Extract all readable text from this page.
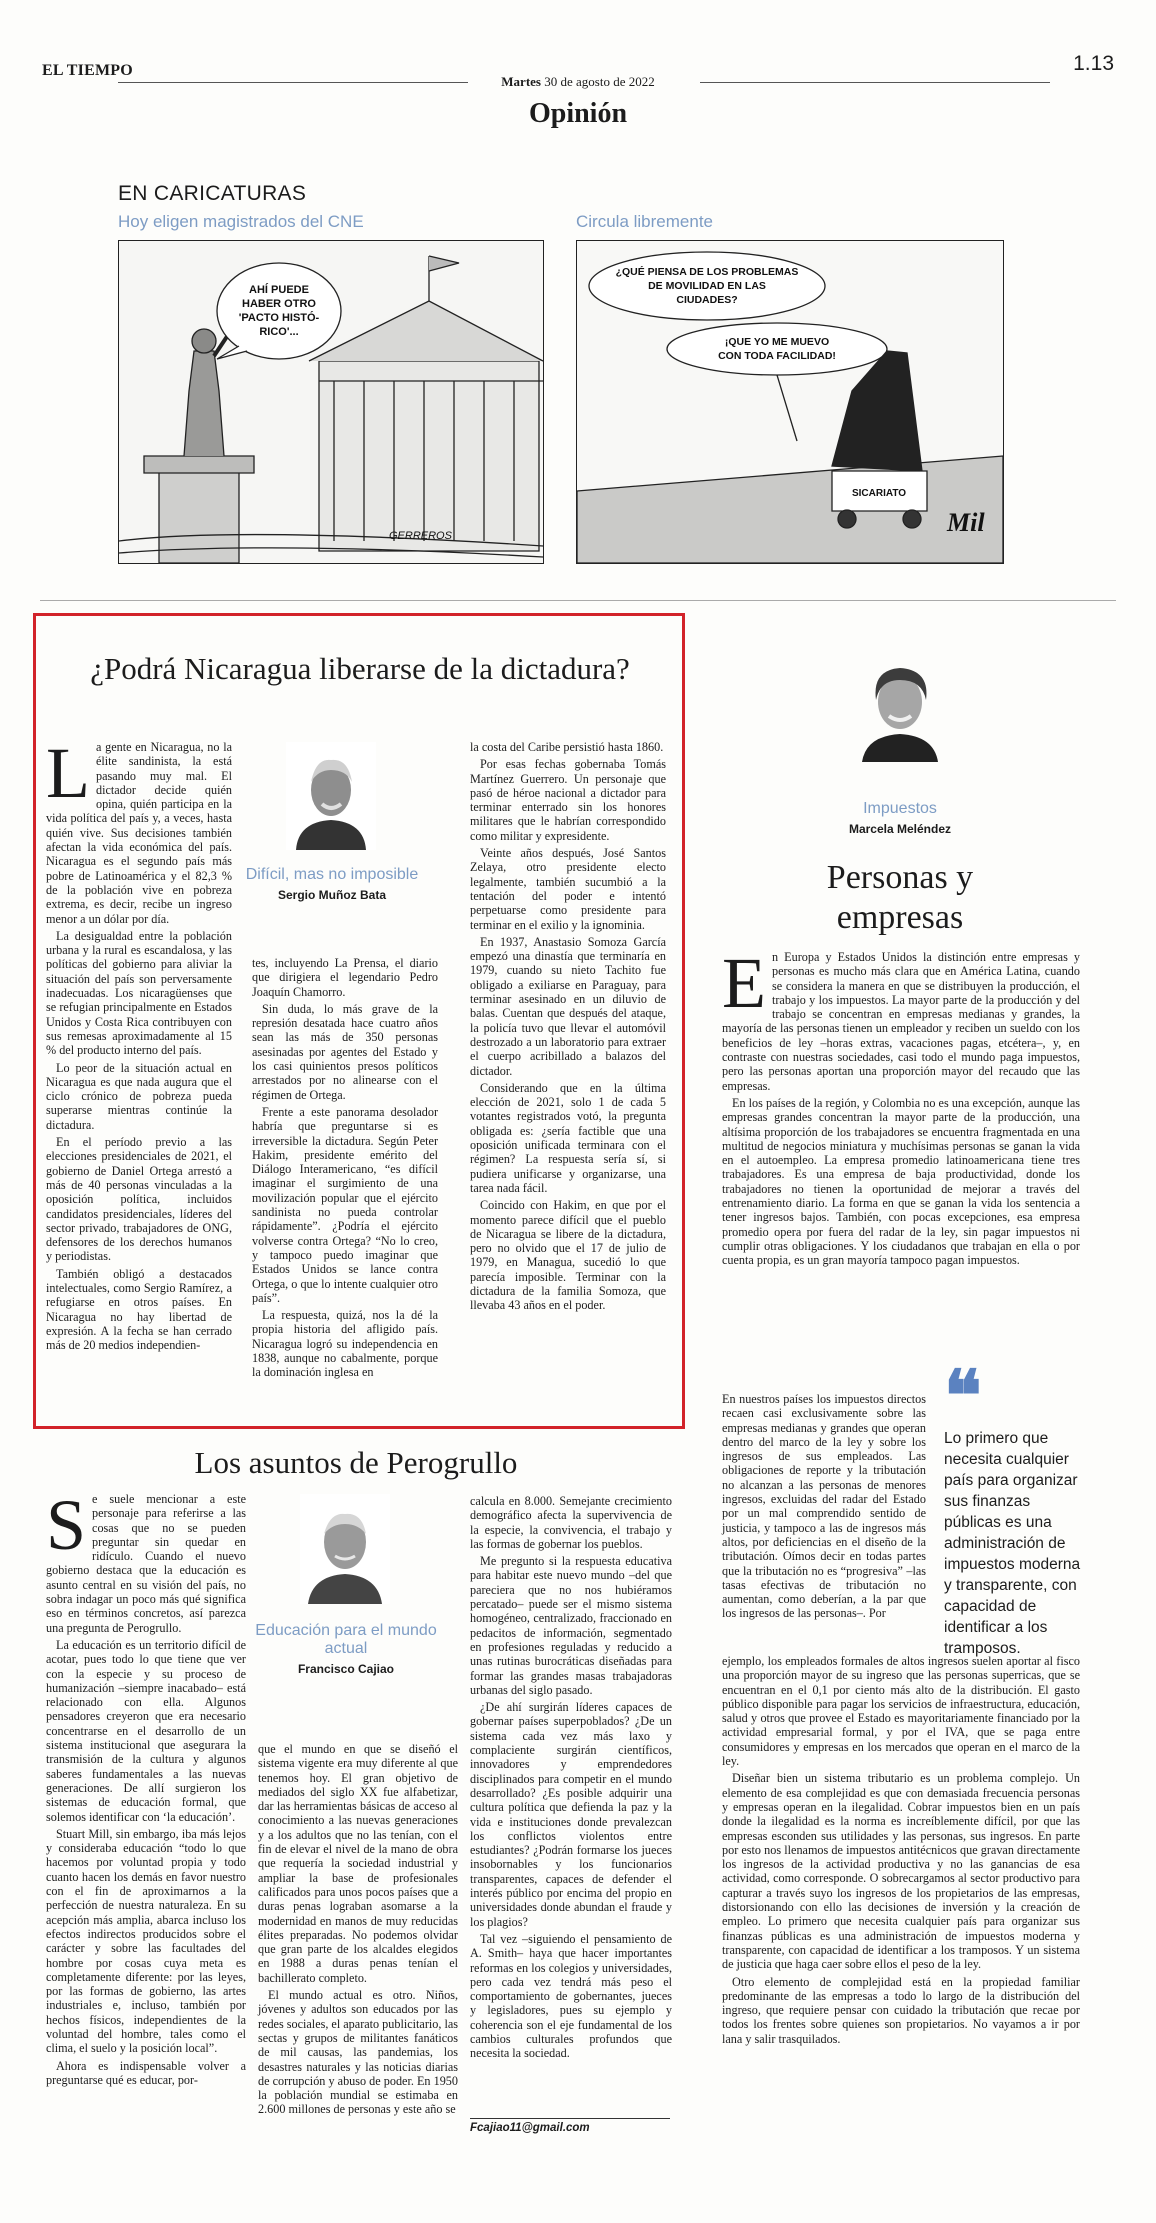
EL TIEMPO
Martes 30 de agosto de 2022
1.13
Opinión
EN CARICATURAS
Hoy eligen magistrados del CNE	Circula libremente
AHÍ PUEDE
HABER OTRO
'PACTO HISTÓ-
RICO'...
GERREROS
¿QUÉ PIENSA DE LOS PROBLEMAS
DE MOVILIDAD EN LAS
CIUDADES?
¡QUE YO ME MUEVO
CON TODA FACILIDAD!
SICARIATO
Mil
¿Podrá Nicaragua liberarse de la dictadura?

La gente en Nicaragua, no la élite sandinista, la está pasando muy mal. El dictador decide quién opina, quién participa en la vida política del país y, a veces, hasta quién vive. Sus decisiones también afectan la vida económica del país. Nicaragua es el segundo país más pobre de Latinoamérica y el 82,3 % de la población vive en pobreza extrema, es decir, recibe un ingreso menor a un dólar por día.

La desigualdad entre la población urbana y la rural es escandalosa, y las políticas del gobierno para aliviar la situación del país son perversamente inadecuadas. Los nicaragüenses que se refugian principalmente en Estados Unidos y Costa Rica contribuyen con sus remesas aproximadamente al 15 % del producto interno del país.

Lo peor de la situación actual en Nicaragua es que nada augura que el ciclo crónico de pobreza pueda superarse mientras continúe la dictadura.

En el período previo a las elecciones presidenciales de 2021, el gobierno de Daniel Ortega arrestó a más de 40 personas vinculadas a la oposición política, incluidos candidatos presidenciales, líderes del sector privado, trabajadores de ONG, defensores de los derechos humanos y periodistas.

También obligó a destacados intelectuales, como Sergio Ramírez, a refugiarse en otros países. En Nicaragua no hay libertad de expresión. A la fecha se han cerrado más de 20 medios independien-

Difícil, mas no imposible
Sergio Muñoz Bata

tes, incluyendo La Prensa, el diario que dirigiera el legendario Pedro Joaquín Chamorro.

Sin duda, lo más grave de la represión desatada hace cuatro años sean las más de 350 personas asesinadas por agentes del Estado y los casi quinientos presos políticos arrestados por no alinearse con el régimen de Ortega.

Frente a este panorama desolador habría que preguntarse si es irreversible la dictadura. Según Peter Hakim, presidente emérito del Diálogo Interamericano, “es difícil imaginar el surgimiento de una movilización popular que el ejército sandinista no pueda controlar rápidamente”. ¿Podría el ejército volverse contra Ortega? “No lo creo, y tampoco puedo imaginar que Estados Unidos se lance contra Ortega, o que lo intente cualquier otro país”.

La respuesta, quizá, nos la dé la propia historia del afligido país. Nicaragua logró su independencia en 1838, aunque no cabalmente, porque la dominación inglesa en

la costa del Caribe persistió hasta 1860.

Por esas fechas gobernaba Tomás Martínez Guerrero. Un personaje que pasó de héroe nacional a dictador para terminar enterrado sin los honores militares que le habrían correspondido como militar y expresidente.

Veinte años después, José Santos Zelaya, otro presidente electo legalmente, también sucumbió a la tentación del poder e intentó perpetuarse como presidente para terminar en el exilio y la ignominia.

En 1937, Anastasio Somoza García empezó una dinastía que terminaría en 1979, cuando su nieto Tachito fue obligado a exiliarse en Paraguay, para terminar asesinado en un diluvio de balas. Cuentan que después del ataque, la policía tuvo que llevar el automóvil destrozado a un laboratorio para extraer el cuerpo acribillado a balazos del dictador.

Considerando que en la última elección de 2021, solo 1 de cada 5 votantes registrados votó, la pregunta obligada es: ¿sería factible que una oposición unificada terminara con el régimen? La respuesta sería sí, si pudiera unificarse y organizarse, una tarea nada fácil.

Coincido con Hakim, en que por el momento parece difícil que el pueblo de Nicaragua se libere de la dictadura, pero no olvido que el 17 de julio de 1979, en Managua, sucedió lo que parecía imposible. Terminar con la dictadura de la familia Somoza, que llevaba 43 años en el poder.

Los asuntos de Perogrullo

Se suele mencionar a este personaje para referirse a las cosas que no se pueden preguntar sin quedar en ridículo. Cuando el nuevo gobierno destaca que la educación es asunto central en su visión del país, no sobra indagar un poco más qué significa eso en términos concretos, así parezca una pregunta de Perogrullo.

La educación es un territorio difícil de acotar, pues todo lo que tiene que ver con la especie y su proceso de humanización –siempre inacabado– está relacionado con ella. Algunos pensadores creyeron que era necesario concentrarse en el desarrollo de un sistema institucional que asegurara la transmisión de la cultura y algunos saberes fundamentales a las nuevas generaciones. De allí surgieron los sistemas de educación formal, que solemos identificar con ‘la educación’.

Stuart Mill, sin embargo, iba más lejos y consideraba educación “todo lo que hacemos por voluntad propia y todo cuanto hacen los demás en favor nuestro con el fin de aproximarnos a la perfección de nuestra naturaleza. En su acepción más amplia, abarca incluso los efectos indirectos producidos sobre el carácter y sobre las facultades del hombre por cosas cuya meta es completamente diferente: por las leyes, por las formas de gobierno, las artes industriales e, incluso, también por hechos físicos, independientes de la voluntad del hombre, tales como el clima, el suelo y la posición local”.

Ahora es indispensable volver a preguntarse qué es educar, por-

Educación para el mundo actual
Francisco Cajiao

que el mundo en que se diseñó el sistema vigente era muy diferente al que tenemos hoy. El gran objetivo de mediados del siglo XX fue alfabetizar, dar las herramientas básicas de acceso al conocimiento a las nuevas generaciones y a los adultos que no las tenían, con el fin de elevar el nivel de la mano de obra que requería la sociedad industrial y ampliar la base de profesionales calificados para unos pocos países que a duras penas lograban asomarse a la modernidad en manos de muy reducidas élites preparadas. No podemos olvidar que gran parte de los alcaldes elegidos en 1988 a duras penas tenían el bachillerato completo.

El mundo actual es otro. Niños, jóvenes y adultos son educados por las redes sociales, el aparato publicitario, las sectas y grupos de militantes fanáticos de mil causas, las pandemias, los desastres naturales y las noticias diarias de corrupción y abuso de poder. En 1950 la población mundial se estimaba en 2.600 millones de personas y este año se

calcula en 8.000. Semejante crecimiento demográfico afecta la supervivencia de la especie, la convivencia, el trabajo y las formas de gobernar los pueblos.

Me pregunto si la respuesta educativa para habitar este nuevo mundo –del que pareciera que no nos hubiéramos percatado– puede ser el mismo sistema homogéneo, centralizado, fraccionado en pedacitos de información, segmentado en profesiones reguladas y reducido a unas rutinas burocráticas diseñadas para formar las grandes masas trabajadoras urbanas del siglo pasado.

¿De ahí surgirán líderes capaces de gobernar países superpoblados? ¿De un sistema cada vez más laxo y complaciente surgirán científicos, innovadores y emprendedores disciplinados para competir en el mundo desarrollado? ¿Es posible adquirir una cultura política que defienda la paz y la vida e instituciones donde prevalezcan los conflictos violentos entre estudiantes? ¿Podrán formarse los jueces insobornables y los funcionarios transparentes, capaces de defender el interés público por encima del propio en universidades donde abundan el fraude y los plagios?

Tal vez –siguiendo el pensamiento de A. Smith– haya que hacer importantes reformas en los colegios y universidades, pero cada vez tendrá más peso el comportamiento de gobernantes, jueces y legisladores, pues su ejemplo y coherencia son el eje fundamental de los cambios culturales profundos que necesita la sociedad.

Fcajiao11@gmail.com
Impuestos
Marcela Meléndez
Personas y empresas

En Europa y Estados Unidos la distinción entre empresas y personas es mucho más clara que en América Latina, cuando se considera la manera en que se distribuyen la producción, el trabajo y los impuestos. La mayor parte de la producción y del trabajo se concentran en empresas medianas y grandes, la mayoría de las personas tienen un empleador y reciben un sueldo con los beneficios de ley –horas extras, vacaciones pagas, etcétera–, y, en contraste con nuestras sociedades, casi todo el mundo paga impuestos, pero las personas aportan una proporción mayor del recaudo que las empresas.

En los países de la región, y Colombia no es una excepción, aunque las empresas grandes concentran la mayor parte de la producción, una altísima proporción de los trabajadores se encuentra fragmentada en una multitud de negocios miniatura y muchísimas personas se ganan la vida en el autoempleo. La empresa promedio latinoamericana tiene tres trabajadores. Es una empresa de baja productividad, donde los trabajadores no tienen la oportunidad de mejorar a través del entrenamiento diario. La forma en que se ganan la vida los sentencia a tener ingresos bajos. También, con pocas excepciones, esa empresa promedio opera por fuera del radar de la ley, sin pagar impuestos ni cumplir otras obligaciones. Y los ciudadanos que trabajan en ella o por cuenta propia, es un gran mayoría tampoco pagan impuestos.

En nuestros países los impuestos directos recaen casi exclusivamente sobre las empresas medianas y grandes que operan dentro del marco de la ley y sobre los ingresos de sus empleados. Las obligaciones de reporte y la tributación no alcanzan a las personas de menores ingresos, excluidas del radar del Estado por un mal comprendido sentido de justicia, y tampoco a las de ingresos más altos, por deficiencias en el diseño de la tributación. Oímos decir en todas partes que la tributación no es “progresiva” –las tasas efectivas de tributación no aumentan, como deberían, a la par que los ingresos de las personas–. Por

❝
Lo primero que necesita cualquier país para organizar sus finanzas públicas es una administración de impuestos moderna y transparente, con capacidad de identificar a los tramposos.

ejemplo, los empleados formales de altos ingresos suelen aportar al fisco una proporción mayor de su ingreso que las personas superricas, que se encuentran en el 0,1 por ciento más alto de la distribución. El gasto público disponible para pagar los servicios de infraestructura, educación, salud y otros que provee el Estado es mayoritariamente financiado por la actividad empresarial formal, y por el IVA, que se paga entre consumidores y empresas en los mercados que operan en el marco de la ley.

Diseñar bien un sistema tributario es un problema complejo. Un elemento de esa complejidad es que con demasiada frecuencia personas y empresas operan en la ilegalidad. Cobrar impuestos bien en un país donde la ilegalidad es la norma es increíblemente difícil, por que las empresas esconden sus utilidades y las personas, sus ingresos. En parte por esto nos llenamos de impuestos antitécnicos que gravan directamente los ingresos de la actividad productiva y no las ganancias de esa actividad, como corresponde. O sobrecargamos al sector productivo para capturar a través suyo los ingresos de los propietarios de las empresas, distorsionando con ello las decisiones de inversión y la creación de empleo. Lo primero que necesita cualquier país para organizar sus finanzas públicas es una administración de impuestos moderna y transparente, con capacidad de identificar a los tramposos. Y un sistema de justicia que haga caer sobre ellos el peso de la ley.

Otro elemento de complejidad está en la propiedad familiar predominante de las empresas a todo lo largo de la distribución del ingreso, que requiere pensar con cuidado la tributación que recae por todos los frentes sobre quienes son propietarios. No vayamos a ir por lana y salir trasquilados.
